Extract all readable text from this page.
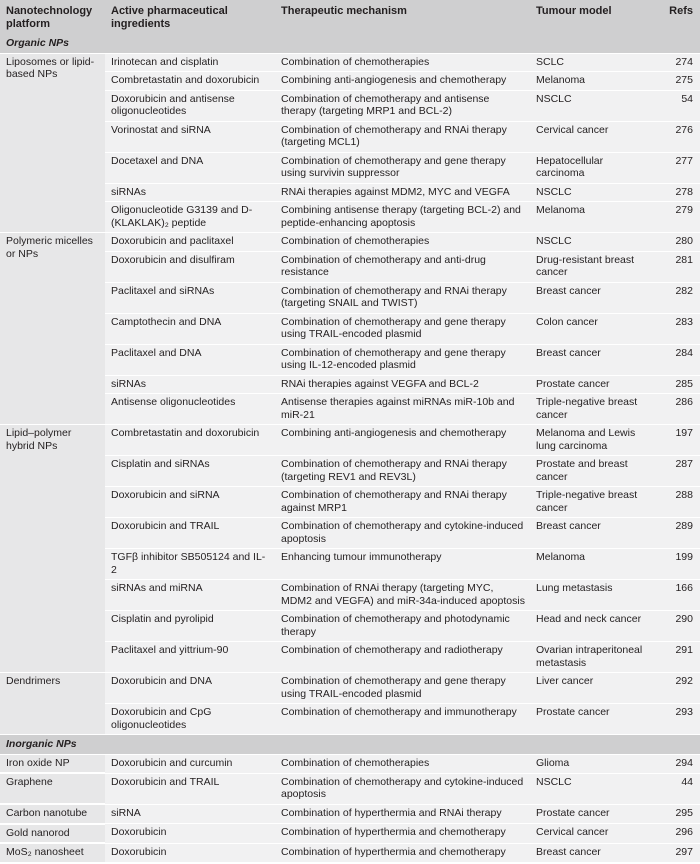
Nanotechnology platform	Active pharmaceutical ingredients	Therapeutic mechanism	Tumour model	Refs
Organic NPs				
Liposomes or lipid-based NPs	Irinotecan and cisplatin	Combination of chemotherapies	SCLC	274
	Combretastatin and doxorubicin	Combining anti-angiogenesis and chemotherapy	Melanoma	275
	Doxorubicin and antisense oligonucleotides	Combination of chemotherapy and antisense therapy (targeting MRP1 and BCL-2)	NSCLC	54
	Vorinostat and siRNA	Combination of chemotherapy and RNAi therapy (targeting MCL1)	Cervical cancer	276
	Docetaxel and DNA	Combination of chemotherapy and gene therapy using survivin suppressor	Hepatocellular carcinoma	277
	siRNAs	RNAi therapies against MDM2, MYC and VEGFA	NSCLC	278
	Oligonucleotide G3139 and D-(KLAKLAK)₂ peptide	Combining antisense therapy (targeting BCL-2) and peptide-enhancing apoptosis	Melanoma	279
Polymeric micelles or NPs	Doxorubicin and paclitaxel	Combination of chemotherapies	NSCLC	280
	Doxorubicin and disulfiram	Combination of chemotherapy and anti-drug resistance	Drug-resistant breast cancer	281
	Paclitaxel and siRNAs	Combination of chemotherapy and RNAi therapy (targeting SNAIL and TWIST)	Breast cancer	282
	Camptothecin and DNA	Combination of chemotherapy and gene therapy using TRAIL-encoded plasmid	Colon cancer	283
	Paclitaxel and DNA	Combination of chemotherapy and gene therapy using IL-12-encoded plasmid	Breast cancer	284
	siRNAs	RNAi therapies against VEGFA and BCL-2	Prostate cancer	285
	Antisense oligonucleotides	Antisense therapies against miRNAs miR-10b and miR-21	Triple-negative breast cancer	286
Lipid–polymer hybrid NPs	Combretastatin and doxorubicin	Combining anti-angiogenesis and chemotherapy	Melanoma and Lewis lung carcinoma	197
	Cisplatin and siRNAs	Combination of chemotherapy and RNAi therapy (targeting REV1 and REV3L)	Prostate and breast cancer	287
	Doxorubicin and siRNA	Combination of chemotherapy and RNAi therapy against MRP1	Triple-negative breast cancer	288
	Doxorubicin and TRAIL	Combination of chemotherapy and cytokine-induced apoptosis	Breast cancer	289
	TGFβ inhibitor SB505124 and IL-2	Enhancing tumour immunotherapy	Melanoma	199
	siRNAs and miRNA	Combination of RNAi therapy (targeting MYC, MDM2 and VEGFA) and miR-34a-induced apoptosis	Lung metastasis	166
	Cisplatin and pyrolipid	Combination of chemotherapy and photodynamic therapy	Head and neck cancer	290
	Paclitaxel and yittrium-90	Combination of chemotherapy and radiotherapy	Ovarian intraperitoneal metastasis	291
Dendrimers	Doxorubicin and DNA	Combination of chemotherapy and gene therapy using TRAIL-encoded plasmid	Liver cancer	292
	Doxorubicin and CpG oligonucleotides	Combination of chemotherapy and immunotherapy	Prostate cancer	293
Inorganic NPs				
Iron oxide NP	Doxorubicin and curcumin	Combination of chemotherapies	Glioma	294
Graphene	Doxorubicin and TRAIL	Combination of chemotherapy and cytokine-induced apoptosis	NSCLC	44
Carbon nanotube	siRNA	Combination of hyperthermia and RNAi therapy	Prostate cancer	295
Gold nanorod	Doxorubicin	Combination of hyperthermia and chemotherapy	Cervical cancer	296
MoS₂ nanosheet	Doxorubicin	Combination of hyperthermia and chemotherapy	Breast cancer	297
